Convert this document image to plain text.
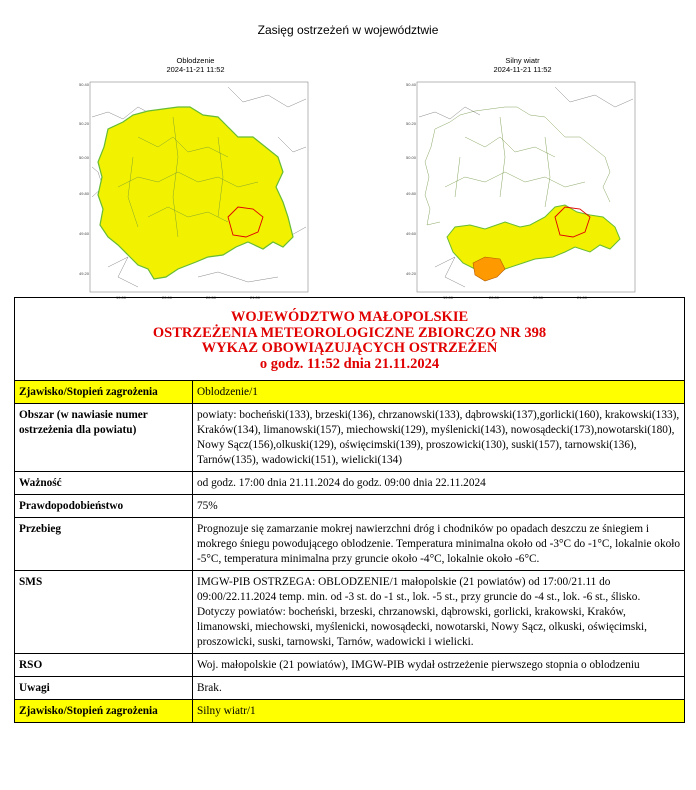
Zasięg ostrzeżeń w województwie
Oblodzenie
2024-11-21 11:52
50.40
50.20
50.00
49.80
49.60
49.20
19.00	20.00	20.50	21.00
Silny wiatr
2024-11-21 11:52
50.40
50.20
50.00
49.80
49.60
49.20
19.00	20.00	20.50	21.00
WOJEWÓDZTWO MAŁOPOLSKIE
OSTRZEŻENIA METEOROLOGICZNE ZBIORCZO NR 398
WYKAZ OBOWIĄZUJĄCYCH OSTRZEŻEŃ
o godz. 11:52 dnia 21.11.2024	

Zjawisko/Stopień zagrożenia	Oblodzenie/1
Obszar (w nawiasie numer ostrzeżenia dla powiatu)	powiaty: bocheński(133), brzeski(136), chrzanowski(133), dąbrowski(137),gorlicki(160), krakowski(133), Kraków(134), limanowski(157), miechowski(129), myślenicki(143), nowosądecki(173),nowotarski(180), Nowy Sącz(156),olkuski(129), oświęcimski(139), proszowicki(130), suski(157), tarnowski(136), Tarnów(135), wadowicki(151), wielicki(134)
Ważność	od godz. 17:00 dnia 21.11.2024 do godz. 09:00 dnia 22.11.2024
Prawdopodobieństwo	75%
Przebieg	Prognozuje się zamarzanie mokrej nawierzchni dróg i chodników po opadach deszczu ze śniegiem i mokrego śniegu powodującego oblodzenie. Temperatura minimalna około od -3°C do -1°C, lokalnie około -5°C, temperatura minimalna przy gruncie około -4°C, lokalnie około -6°C.
SMS	IMGW-PIB OSTRZEGA: OBLODZENIE/1 małopolskie (21 powiatów) od 17:00/21.11 do 09:00/22.11.2024 temp. min. od -3 st. do -1 st., lok. -5 st., przy gruncie do -4 st., lok. -6 st., ślisko. Dotyczy powiatów: bocheński, brzeski, chrzanowski, dąbrowski, gorlicki, krakowski, Kraków, limanowski, miechowski, myślenicki, nowosądecki, nowotarski, Nowy Sącz, olkuski, oświęcimski, proszowicki, suski, tarnowski, Tarnów, wadowicki i wielicki.
RSO	Woj. małopolskie (21 powiatów), IMGW-PIB wydał ostrzeżenie pierwszego stopnia o oblodzeniu
Uwagi	Brak.
Zjawisko/Stopień zagrożenia	Silny wiatr/1
